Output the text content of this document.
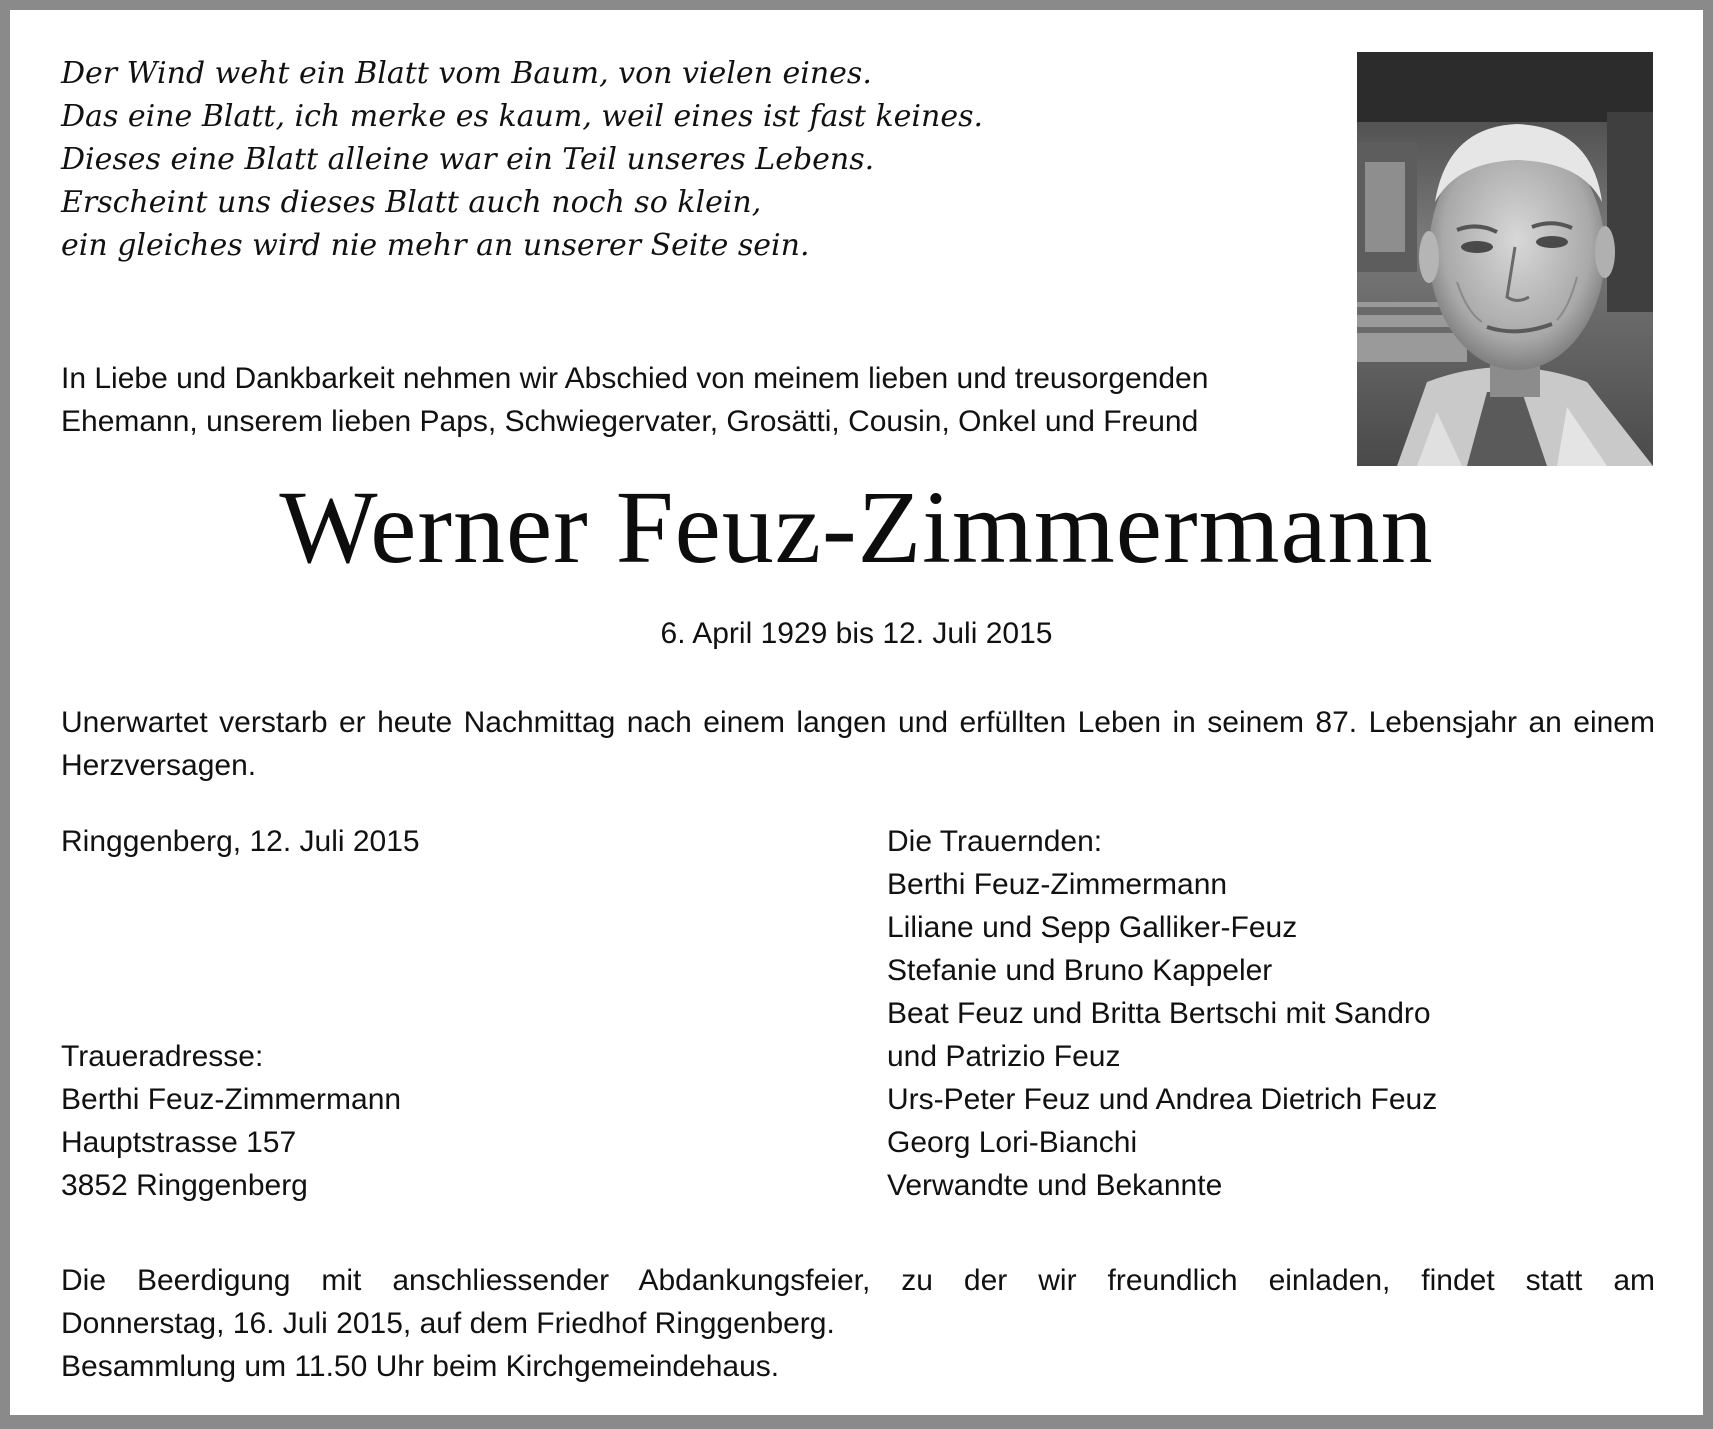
Der Wind weht ein Blatt vom Baum, von vielen eines.
Das eine Blatt, ich merke es kaum, weil eines ist fast keines.
Dieses eine Blatt alleine war ein Teil unseres Lebens.
Erscheint uns dieses Blatt auch noch so klein,
ein gleiches wird nie mehr an unserer Seite sein.
In Liebe und Dankbarkeit nehmen wir Abschied von meinem lieben und treusorgenden
Ehemann, unserem lieben Paps, Schwiegervater, Grosätti, Cousin, Onkel und Freund
Werner Feuz-Zimmermann
6. April 1929 bis 12. Juli 2015
Unerwartet verstarb er heute Nachmittag nach einem langen und erfüllten Leben in seinem 87. Lebensjahr an einem Herzversagen.
Ringgenberg, 12. Juli 2015
Traueradresse:
Berthi Feuz-Zimmermann
Hauptstrasse 157
3852 Ringgenberg
Die Trauernden:
Berthi Feuz-Zimmermann
Liliane und Sepp Galliker-Feuz
Stefanie und Bruno Kappeler
Beat Feuz und Britta Bertschi mit Sandro
und Patrizio Feuz
Urs-Peter Feuz und Andrea Dietrich Feuz
Georg Lori-Bianchi
Verwandte und Bekannte
Die Beerdigung mit anschliessender Abdankungsfeier, zu der wir freundlich einladen, findet statt am
Donnerstag, 16. Juli 2015, auf dem Friedhof Ringgenberg.
Besammlung um 11.50 Uhr beim Kirchgemeindehaus.
